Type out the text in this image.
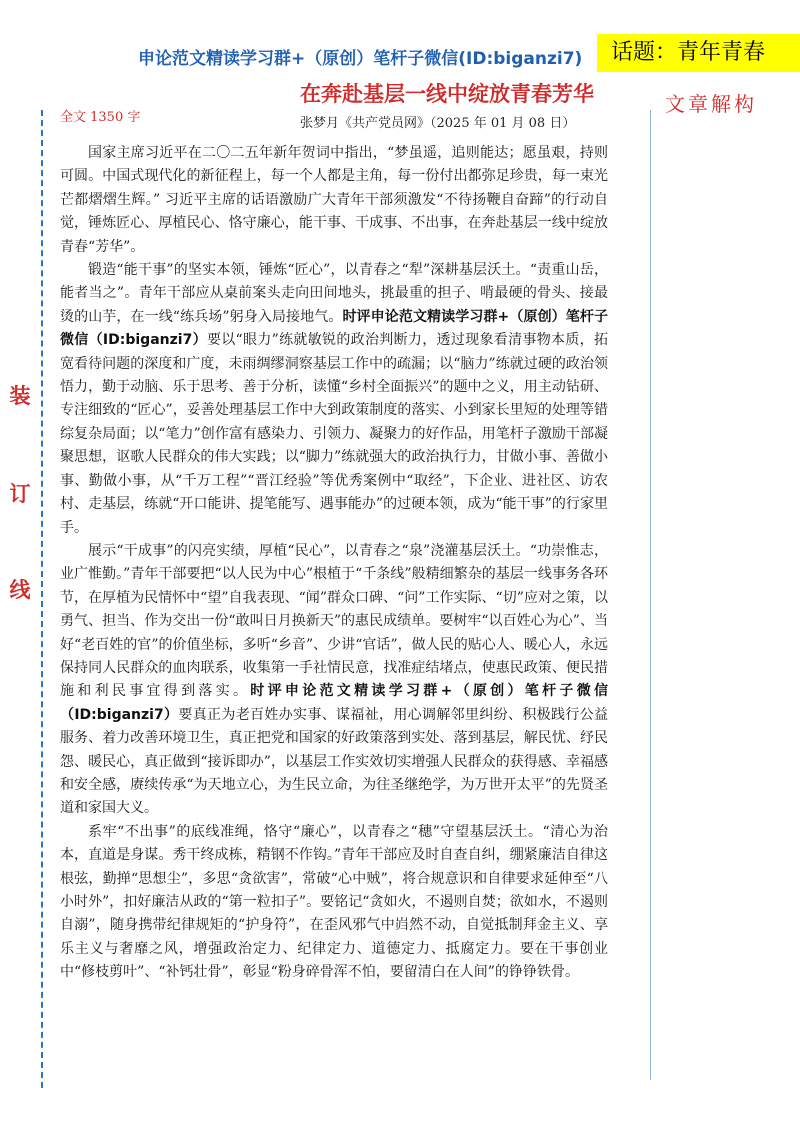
申论范文精读学习群+（原创）笔杆子微信(ID:biganzi7)	话题：青年青春
在奔赴基层一线中绽放青春芳华	文章解构
张梦月《共产党员网》（2025 年 01 月 08 日）
全文 1350 字
装
订
线

国家主席习近平在二〇二五年新年贺词中指出，“梦虽遥，追则能达；愿虽艰，持则可圆。中国式现代化的新征程上，每一个人都是主角，每一份付出都弥足珍贵，每一束光芒都熠熠生辉。” 习近平主席的话语激励广大青年干部须激发“不待扬鞭自奋蹄”的行动自觉，锤炼匠心、厚植民心、恪守廉心，能干事、干成事、不出事，在奔赴基层一线中绽放青春“芳华”。

锻造“能干事”的坚实本领，锤炼“匠心”，以青春之“犁”深耕基层沃土。“责重山岳，能者当之”。青年干部应从桌前案头走向田间地头，挑最重的担子、啃最硬的骨头、接最烫的山芋，在一线“练兵场”躬身入局接地气。时评申论范文精读学习群+（原创）笔杆子微信（ID:biganzi7）要以“眼力”练就敏锐的政治判断力，透过现象看清事物本质，拓宽看待问题的深度和广度，未雨绸缪洞察基层工作中的疏漏；以“脑力”练就过硬的政治领悟力，勤于动脑、乐于思考、善于分析，读懂“乡村全面振兴”的题中之义，用主动钻研、专注细致的“匠心”，妥善处理基层工作中大到政策制度的落实、小到家长里短的处理等错综复杂局面；以“笔力”创作富有感染力、引领力、凝聚力的好作品，用笔杆子激励干部凝聚思想，讴歌人民群众的伟大实践；以“脚力”练就强大的政治执行力，甘做小事、善做小事、勤做小事，从“千万工程”“晋江经验”等优秀案例中“取经”，下企业、进社区、访农村、走基层，练就“开口能讲、提笔能写、遇事能办”的过硬本领，成为“能干事”的行家里手。

展示“干成事”的闪亮实绩，厚植“民心”，以青春之“泉”浇灌基层沃土。“功崇惟志，业广惟勤。”青年干部要把“以人民为中心”根植于“千条线”般精细繁杂的基层一线事务各环节，在厚植为民情怀中“望”自我表现、“闻”群众口碑、“问”工作实际、“切”应对之策，以勇气、担当、作为交出一份“敢叫日月换新天”的惠民成绩单。要树牢“以百姓心为心”、当好“老百姓的官”的价值坐标，多听“乡音”、少讲“官话”，做人民的贴心人、暖心人，永远保持同人民群众的血肉联系，收集第一手社情民意，找准症结堵点，使惠民政策、便民措施和利民事宜得到落实。时评申论范文精读学习群+（原创）笔杆子微信（ID:biganzi7）要真正为老百姓办实事、谋福祉，用心调解邻里纠纷、积极践行公益服务、着力改善环境卫生，真正把党和国家的好政策落到实处、落到基层，解民忧、纾民怨、暖民心，真正做到“接诉即办”，以基层工作实效切实增强人民群众的获得感、幸福感和安全感，赓续传承“为天地立心，为生民立命，为往圣继绝学，为万世开太平”的先贤圣道和家国大义。

系牢“不出事”的底线准绳，恪守“廉心”，以青春之“穗”守望基层沃土。“清心为治本，直道是身谋。秀干终成栋，精钢不作钩。”青年干部应及时自查自纠，绷紧廉洁自律这根弦，勤掸“思想尘”，多思“贪欲害”，常破“心中贼”，将合规意识和自律要求延伸至“八小时外”，扣好廉洁从政的“第一粒扣子”。要铭记“贪如火，不遏则自焚；欲如水，不遏则自溺”，随身携带纪律规矩的“护身符”，在歪风邪气中岿然不动，自觉抵制拜金主义、享乐主义与奢靡之风，增强政治定力、纪律定力、道德定力、抵腐定力。要在干事创业中“修枝剪叶”、“补钙壮骨”，彰显“粉身碎骨浑不怕，要留清白在人间”的铮铮铁骨。
